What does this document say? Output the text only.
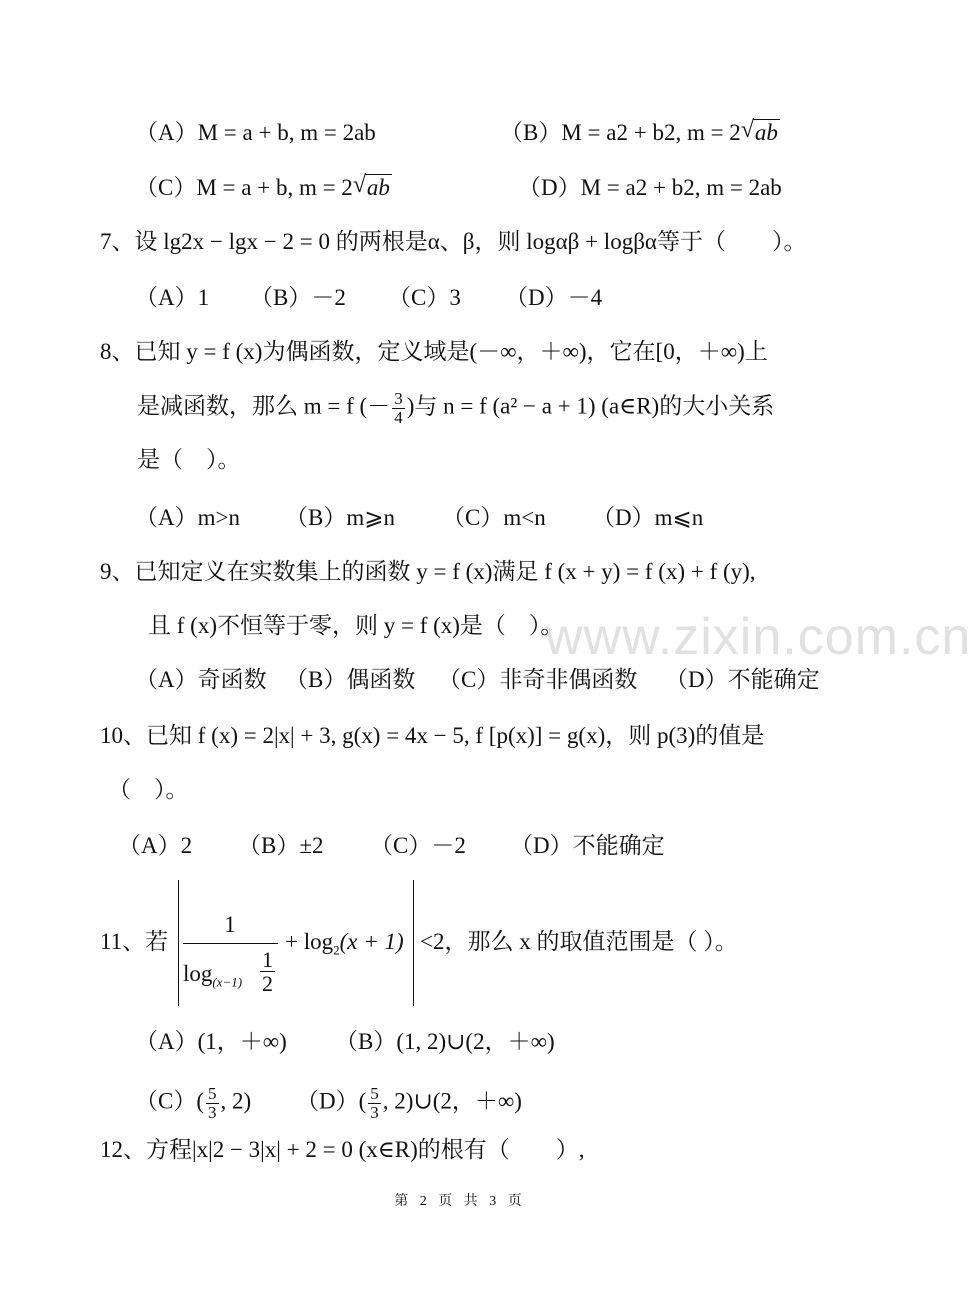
www.zixin.com.cn
（A）M = a + b, m = 2ab	（B）M = a2 + b2, m = 2 √ ab
（C）M = a + b, m = 2 √ ab	（D）M = a2 + b2, m = 2ab
7、设 lg2x − lgx − 2 = 0 的两根是α、β，则 logαβ + logβα等于（　　）。
（A）1 （B）－2 （C）3 （D）－4
8、已知 y = f (x)为偶函数，定义域是(－∞，＋∞)，它在[0，＋∞)上
是减函数，那么 m = f (－ $\frac{3}{4}$ )与 n = f (a² − a + 1) (a∈R)的大小关系
是（　）。
（A）m>n （B）m⩾n （C）m<n （D）m⩽n
9、已知定义在实数集上的函数 y = f (x)满足 f (x + y) = f (x) + f (y),
且 f (x)不恒等于零，则 y = f (x)是（　）。
（A）奇函数 （B）偶函数 （C）非奇非偶函数 （D）不能确定
10、已知 f (x) = 2|x| + 3, g(x) = 4x − 5, f [p(x)] = g(x)，则 p(3)的值是
（　）。
（A）2 （B）±2 （C）－2 （D）不能确定
11、若
1
$\log_{(x-1)} \frac{1}{2}$
+ $\log_2(x + 1) <2$，那么 x 的取值范围是（ ）。
（A）(1，＋∞) （B）(1, 2)∪(2，＋∞)
$(C)( \frac{5}{3}$ , 2) $(D)( \frac{5}{3}$ , 2)∪(2，＋∞)
12、方程|x|2 − 3|x| + 2 = 0 (x∈R)的根有（　　）,
第 2 页 共 3 页
